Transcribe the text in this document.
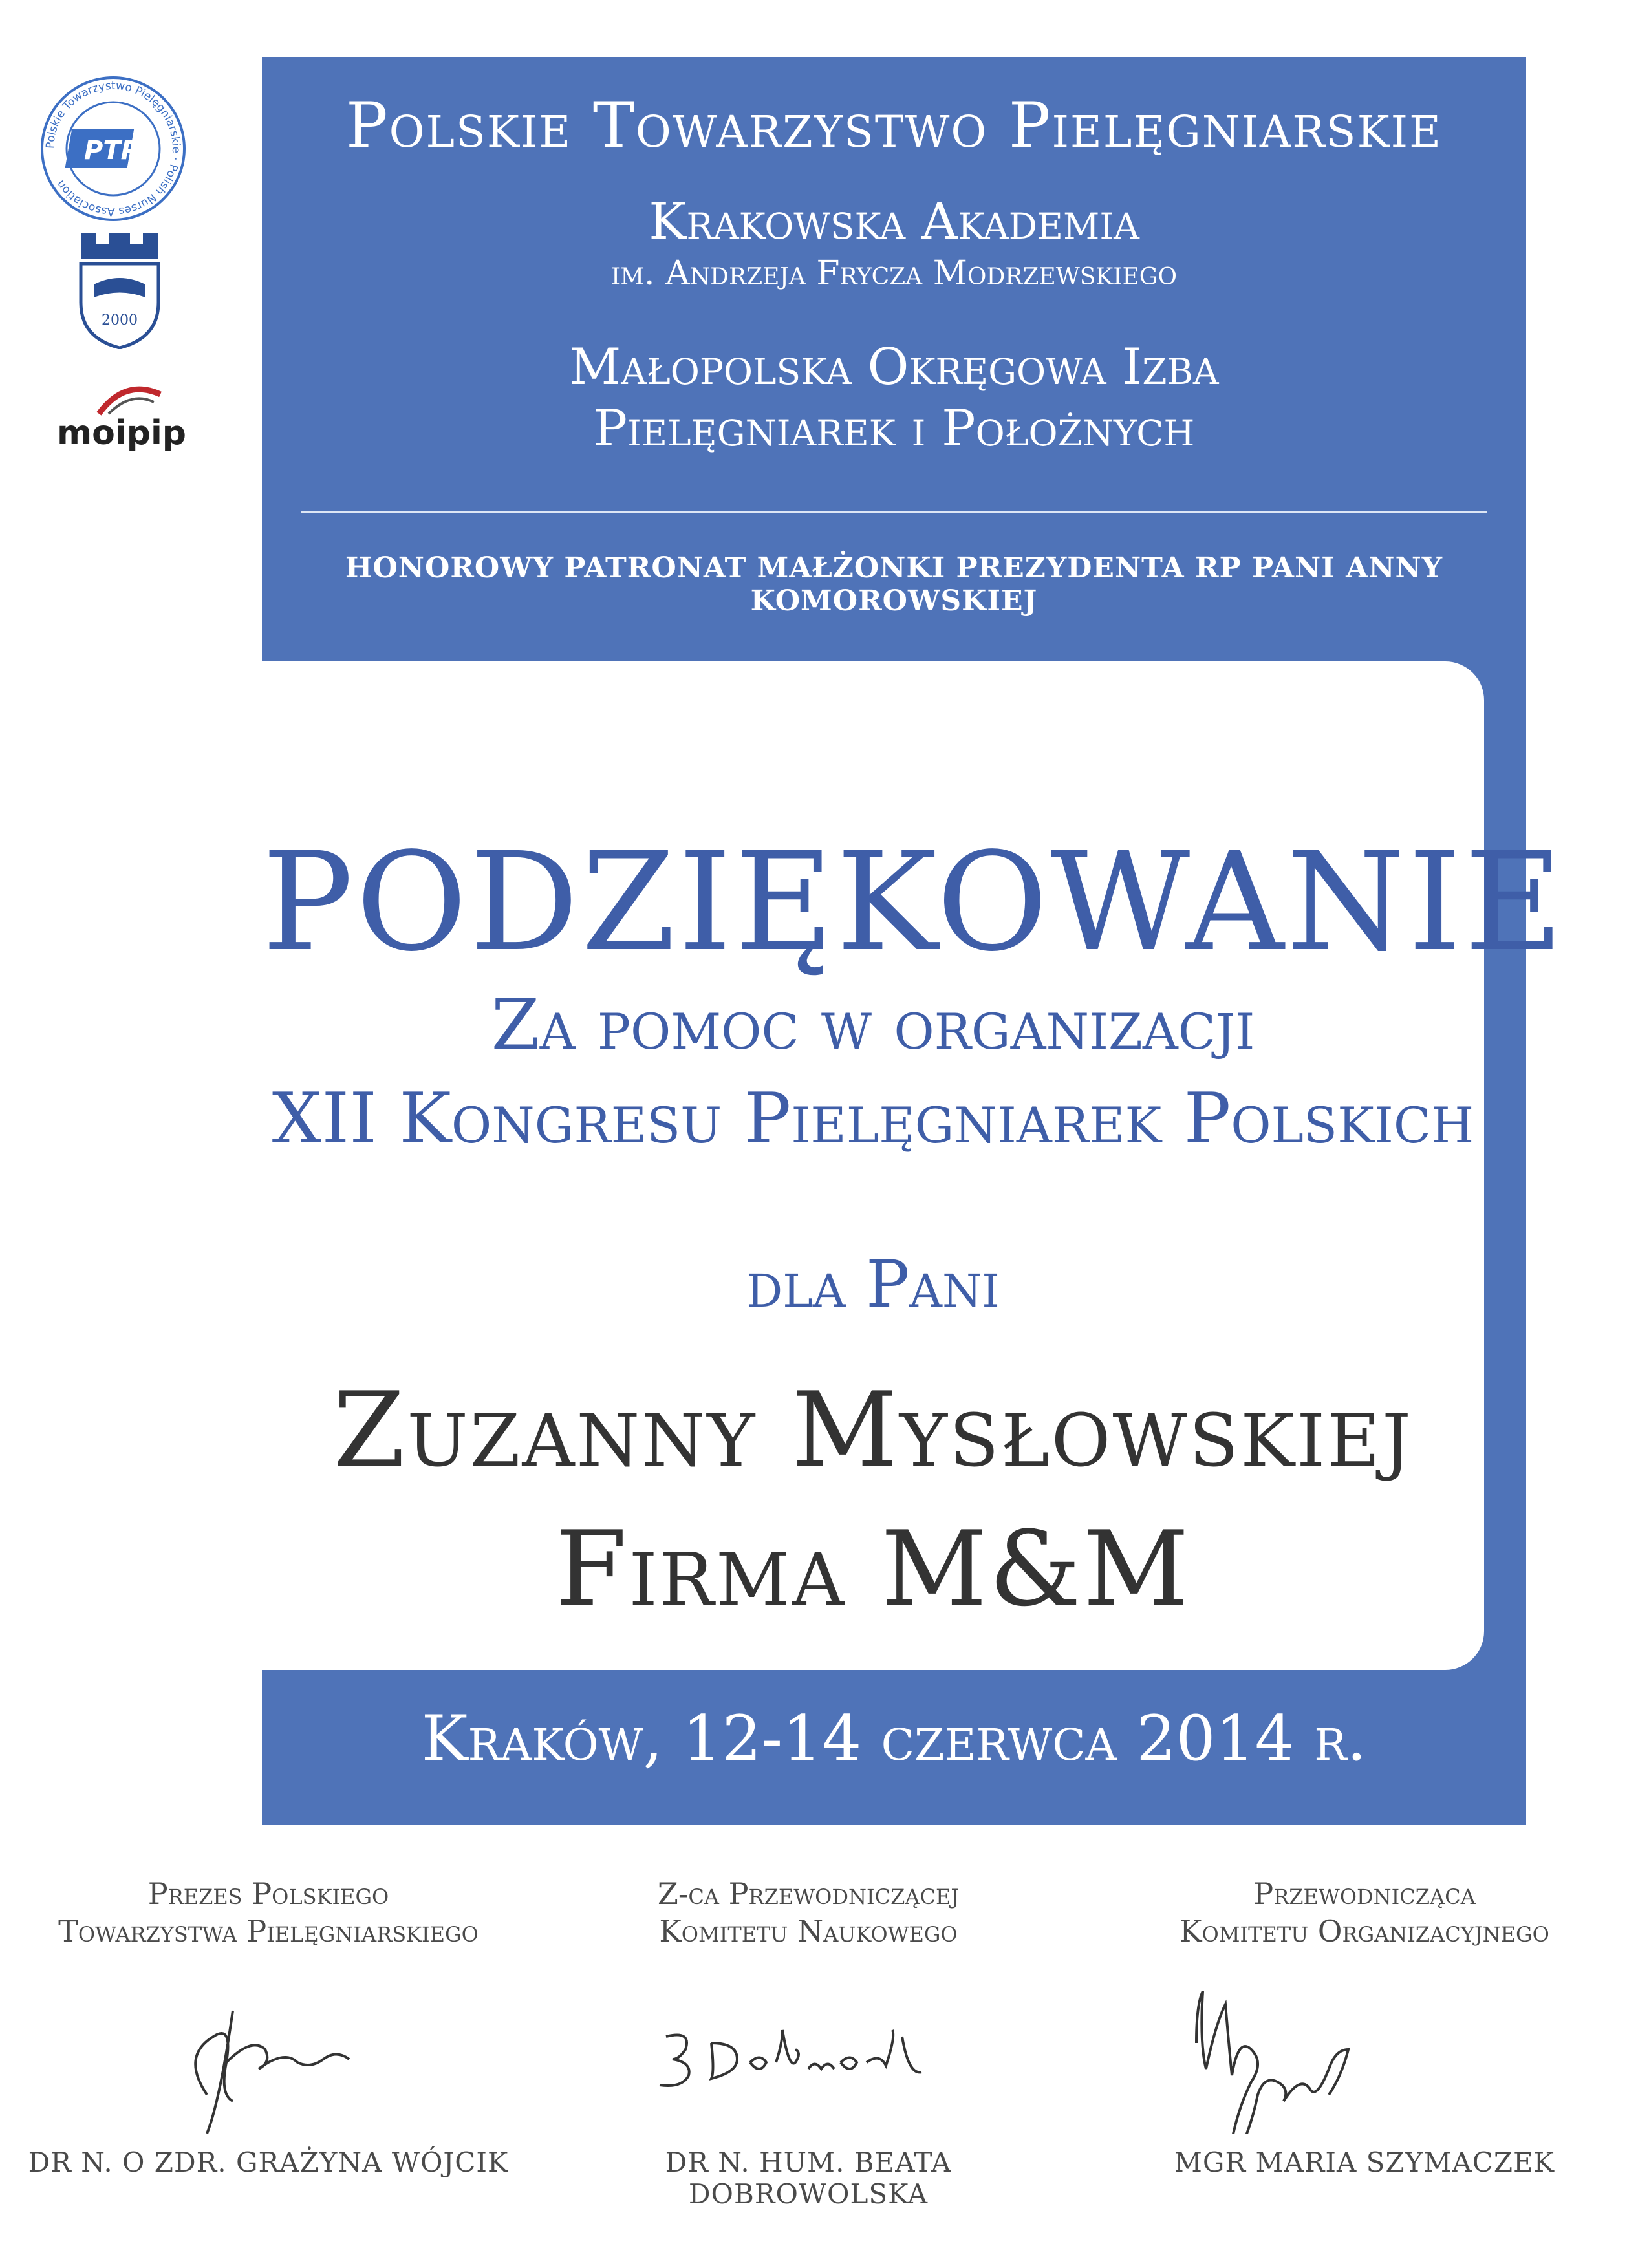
Polskie Towarzystwo Pielęgniarskie · Polish Nurses Association
PTP
2000
moipip
Polskie Towarzystwo Pielęgniarskie
Krakowska Akademia
im. Andrzeja Frycza Modrzewskiego
Małopolska Okręgowa Izba
Pielęgniarek i Położnych
HONOROWY PATRONAT MAŁŻONKI PREZYDENTA RP PANI ANNY KOMOROWSKIEJ
PODZIĘKOWANIE
Za pomoc w organizacji
XII Kongresu Pielęgniarek Polskich
dla Pani
Zuzanny Mysłowskiej
Firma M&M
Kraków, 12-14 czerwca 2014 r.
Prezes Polskiego
Towarzystwa Pielęgniarskiego
DR N. O ZDR. GRAŻYNA WÓJCIK
Z-ca Przewodniczącej
Komitetu Naukowego
DR N. HUM. BEATA DOBROWOLSKA
Przewodnicząca
Komitetu Organizacyjnego
MGR MARIA SZYMACZEK
